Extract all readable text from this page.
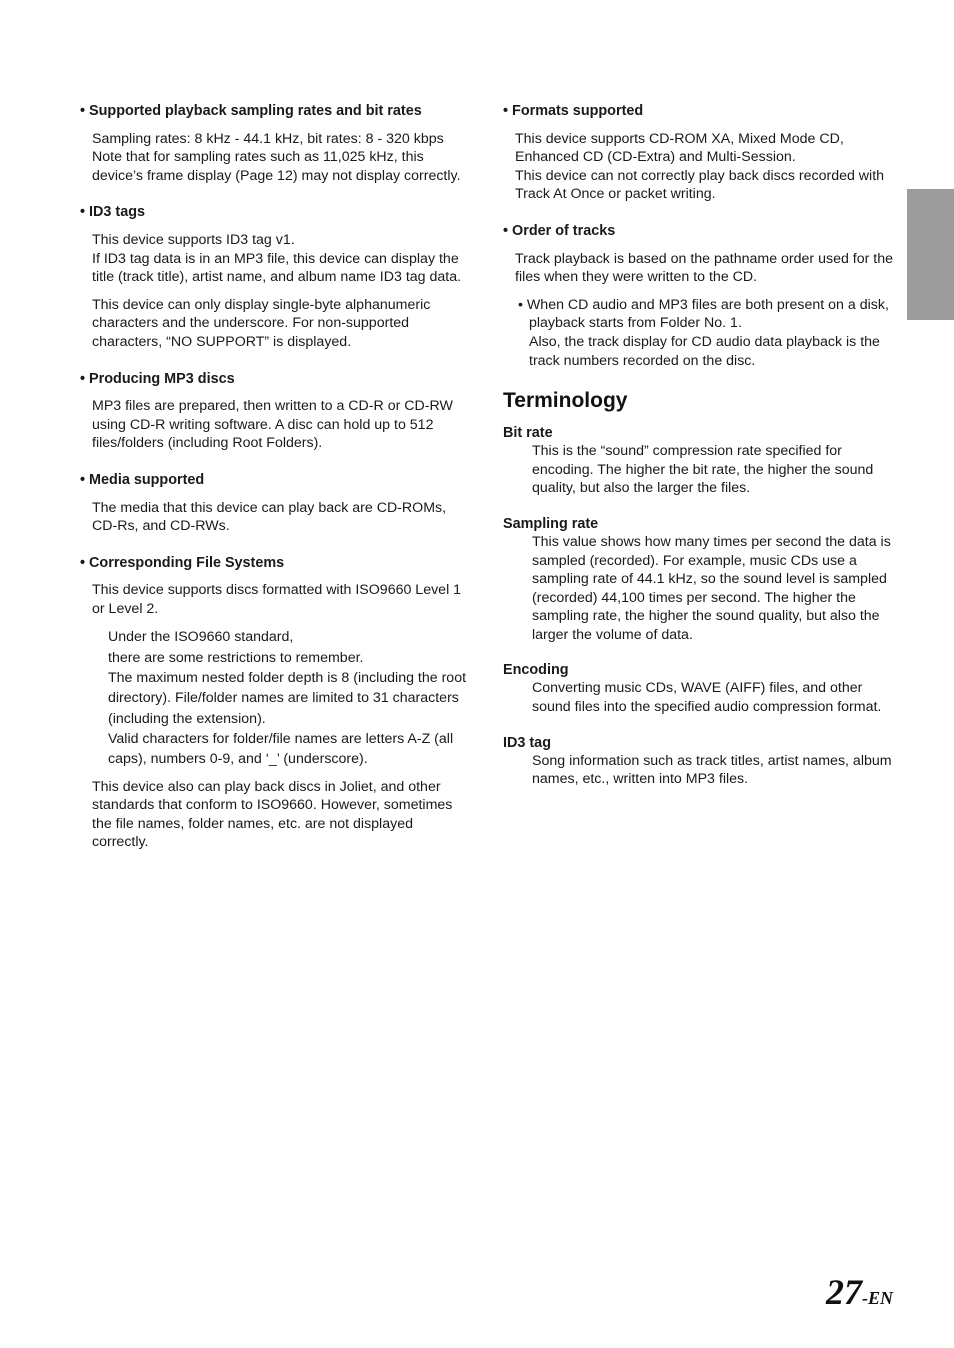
• Supported playback sampling rates and bit rates

Sampling rates: 8 kHz - 44.1 kHz, bit rates: 8 - 320 kbps

Note that for sampling rates such as 11,025 kHz, this device’s frame display (Page 12) may not display correctly.

• ID3 tags

This device supports ID3 tag v1.

If ID3 tag data is in an MP3 file, this device can display the title (track title), artist name, and album name ID3 tag data.

This device can only display single-byte alphanumeric characters and the underscore. For non-supported characters, “NO SUPPORT” is displayed.

• Producing MP3 discs

MP3 files are prepared, then written to a CD-R or CD-RW using CD-R writing software. A disc can hold up to 512 files/folders (including Root Folders).

• Media supported

The media that this device can play back are CD-ROMs, CD-Rs, and CD-RWs.

• Corresponding File Systems

This device supports discs formatted with ISO9660 Level 1 or Level 2.

Under the ISO9660 standard,

there are some restrictions to remember.

The maximum nested folder depth is 8 (including the root directory). File/folder names are limited to 31 characters (including the extension).

Valid characters for folder/file names are letters A-Z (all caps), numbers 0-9, and ‘_’ (underscore).

This device also can play back discs in Joliet, and other standards that conform to ISO9660. However, sometimes the file names, folder names, etc. are not displayed correctly.

• Formats supported

This device supports CD-ROM XA, Mixed Mode CD, Enhanced CD (CD-Extra) and Multi-Session.

This device can not correctly play back discs recorded with Track At Once or packet writing.

• Order of tracks

Track playback is based on the pathname order used for the files when they were written to the CD.

• When CD audio and MP3 files are both present on a disk, playback starts from Folder No. 1.
Also, the track display for CD audio data playback is the track numbers recorded on the disc.
Terminology
Bit rate
This is the “sound” compression rate specified for encoding. The higher the bit rate, the higher the sound quality, but also the larger the files.
Sampling rate
This value shows how many times per second the data is sampled (recorded). For example, music CDs use a sampling rate of 44.1 kHz, so the sound level is sampled (recorded) 44,100 times per second. The higher the sampling rate, the higher the sound quality, but also the larger the volume of data.
Encoding
Converting music CDs, WAVE (AIFF) files, and other sound files into the specified audio compression format.
ID3 tag
Song information such as track titles, artist names, album names, etc., written into MP3 files.
27-EN
